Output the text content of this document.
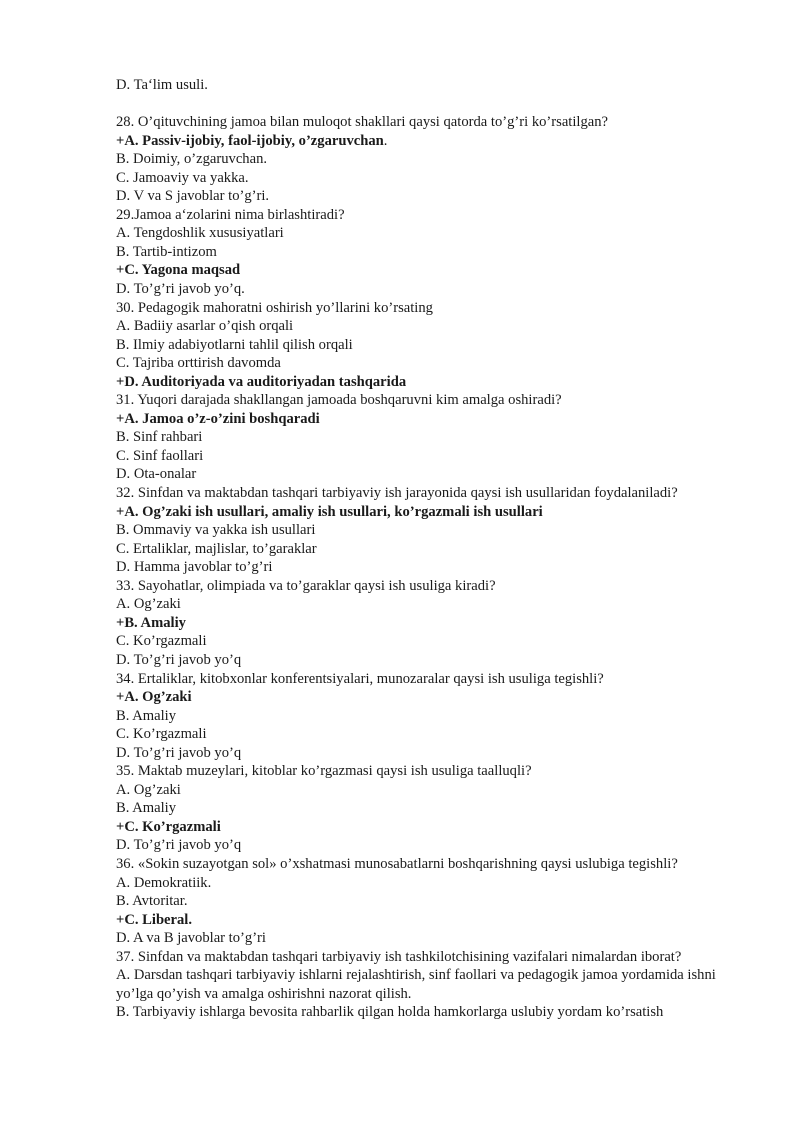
D. Ta‘lim usuli.
28. O’qituvchining jamoa bilan muloqot shakllari qaysi qatorda to’g’ri ko’rsatilgan?
+A. Passiv-ijobiy, faol-ijobiy, o’zgaruvchan.
B. Doimiy, o’zgaruvchan.
C. Jamoaviy va yakka.
D. V va S javoblar to’g’ri.
29.Jamoa a‘zolarini nima birlashtiradi?
A. Tengdoshlik xususiyatlari
B. Tartib-intizom
+C. Yagona maqsad
D. To’g’ri javob yo’q.
30. Pedagogik mahoratni oshirish yo’llarini ko’rsating
A. Badiiy asarlar o’qish orqali
B. Ilmiy adabiyotlarni tahlil qilish orqali
C. Tajriba orttirish davomda
+D. Auditoriyada va auditoriyadan tashqarida
31. Yuqori darajada shakllangan jamoada boshqaruvni kim amalga oshiradi?
+A. Jamoa o’z-o’zini boshqaradi
B. Sinf rahbari
C. Sinf faollari
D. Ota-onalar
32. Sinfdan va maktabdan tashqari tarbiyaviy ish jarayonida qaysi ish usullaridan foydalaniladi?
+A. Og’zaki ish usullari, amaliy ish usullari, ko’rgazmali ish usullari
B. Ommaviy va yakka ish usullari
C. Ertaliklar, majlislar, to’garaklar
D. Hamma javoblar to’g’ri
33. Sayohatlar, olimpiada va to’garaklar qaysi ish usuliga kiradi?
A. Og’zaki
+B. Amaliy
C. Ko’rgazmali
D. To’g’ri javob yo’q
34. Ertaliklar, kitobxonlar konferentsiyalari, munozaralar qaysi ish usuliga tegishli?
+A. Og’zaki
B. Amaliy
C. Ko’rgazmali
D. To’g’ri javob yo’q
35. Maktab muzeylari, kitoblar ko’rgazmasi qaysi ish usuliga taalluqli?
A. Og’zaki
B. Amaliy
+C. Ko’rgazmali
D. To’g’ri javob yo’q
36. «Sokin suzayotgan sol» o’xshatmasi munosabatlarni boshqarishning qaysi uslubiga tegishli?
A. Demokratiik.
B. Avtoritar.
+C. Liberal.
D. A va B javoblar to’g’ri
37. Sinfdan va maktabdan tashqari tarbiyaviy ish tashkilotchisining vazifalari nimalardan iborat?
A. Darsdan tashqari tarbiyaviy ishlarni rejalashtirish, sinf faollari va pedagogik jamoa yordamida ishni yo’lga qo’yish va amalga oshirishni nazorat qilish.
B. Tarbiyaviy ishlarga bevosita rahbarlik qilgan holda hamkorlarga uslubiy yordam ko’rsatish
